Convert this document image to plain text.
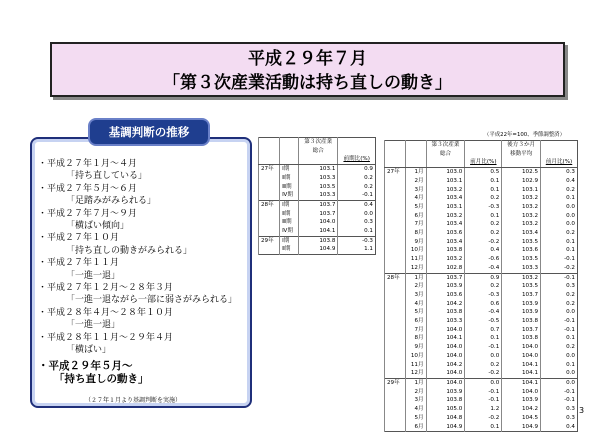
平成２９年７月
「第３次産業活動は持ち直しの動き」
基調判断の推移
・平成２７年１月～４月
「持ち直している」
・平成２７年５月～６月
「足踏みがみられる」
・平成２７年７月～９月
「横ばい傾向」
・平成２７年１０月
「持ち直しの動きがみられる」
・平成２７年１１月
「一進一退」
・平成２７年１２月～２８年３月
「一進一退ながら一部に弱さがみられる」
・平成２８年４月～２８年１０月
「一進一退」
・平成２８年１１月～２９年４月
「横ばい」
・平成２９年５月～
「持ち直しの動き」
（２７年１月より基調判断を実施）
（平成22年=100、季節調整済）
		第３次産業
総合	
			前期比(%)
27年	Ⅰ期	103.1	0.9
	Ⅱ期	103.3	0.2
	Ⅲ期	103.5	0.2
	Ⅳ期	103.3	-0.1
28年	Ⅰ期	103.7	0.4
	Ⅱ期	103.7	0.0
	Ⅲ期	104.0	0.3
	Ⅳ期	104.1	0.1
29年	Ⅰ期	103.8	-0.3
	Ⅱ期	104.9	1.1
		第３次産業
総合		後方３か月
移動平均	
			前月比(%)		前月比(%)
27年	1月	103.0	0.5	102.5	0.3
	2月	103.1	0.1	102.9	0.4
	3月	103.2	0.1	103.1	0.2
	4月	103.4	0.2	103.2	0.1
	5月	103.1	-0.3	103.2	0.0
	6月	103.2	0.1	103.2	0.0
	7月	103.4	0.2	103.2	0.0
	8月	103.6	0.2	103.4	0.2
	9月	103.4	-0.2	103.5	0.1
	10月	103.8	0.4	103.6	0.1
	11月	103.2	-0.6	103.5	-0.1
	12月	102.8	-0.4	103.3	-0.2
28年	1月	103.7	0.9	103.2	-0.1
	2月	103.9	0.2	103.5	0.3
	3月	103.6	-0.3	103.7	0.2
	4月	104.2	0.6	103.9	0.2
	5月	103.8	-0.4	103.9	0.0
	6月	103.3	-0.5	103.8	-0.1
	7月	104.0	0.7	103.7	-0.1
	8月	104.1	0.1	103.8	0.1
	9月	104.0	-0.1	104.0	0.2
	10月	104.0	0.0	104.0	0.0
	11月	104.2	0.2	104.1	0.1
	12月	104.0	-0.2	104.1	0.0
29年	1月	104.0	0.0	104.1	0.0
	2月	103.9	-0.1	104.0	-0.1
	3月	103.8	-0.1	103.9	-0.1
	4月	105.0	1.2	104.2	0.3
	5月	104.8	-0.2	104.5	0.3
	6月	104.9	0.1	104.9	0.4
3
